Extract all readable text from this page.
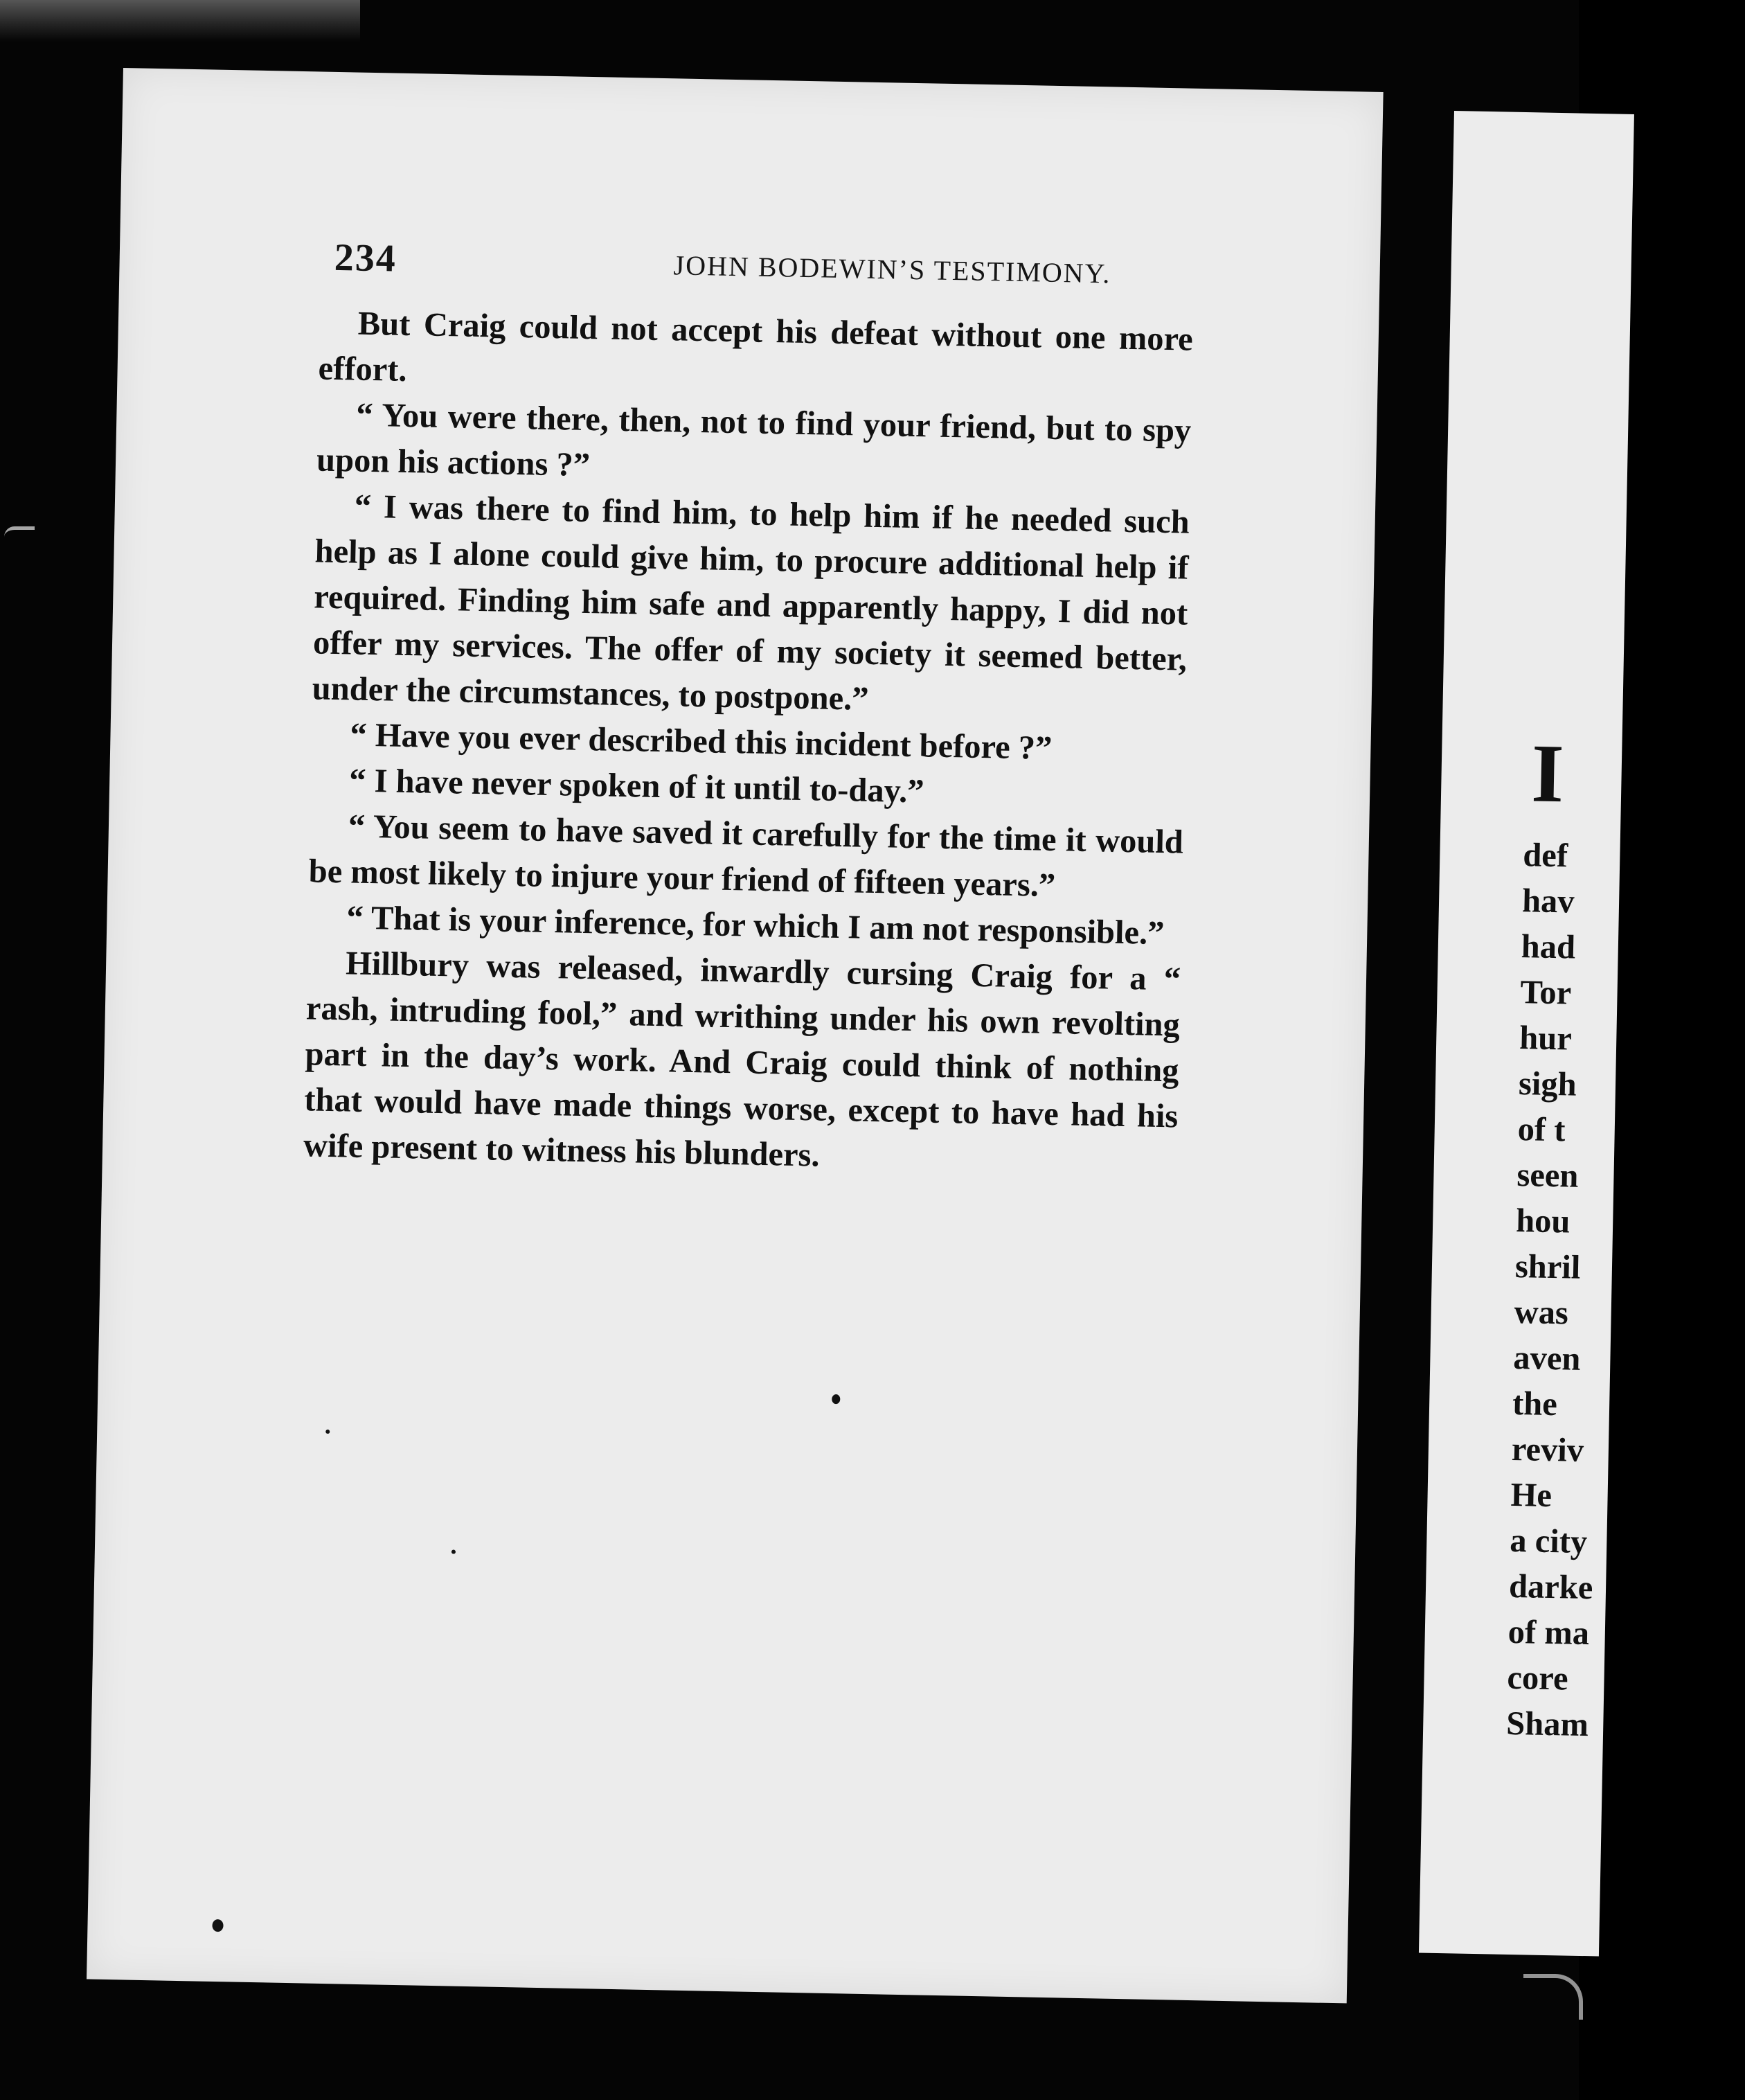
234	JOHN BODEWIN’S TESTIMONY.

But Craig could not accept his defeat without one more effort.

“ You were there, then, not to find your friend, but to spy upon his actions ?”

“ I was there to find him, to help him if he needed such help as I alone could give him, to procure additional help if required. Finding him safe and apparently happy, I did not offer my services. The offer of my society it seemed better, under the circumstances, to postpone.”

“ Have you ever described this incident before ?”

“ I have never spoken of it until to-day.”

“ You seem to have saved it carefully for the time it would be most likely to injure your friend of fifteen years.”

“ That is your inference, for which I am not responsible.”

Hillbury was released, inwardly cursing Craig for a “ rash, intruding fool,” and writhing under his own revolting part in the day’s work. And Craig could think of nothing that would have made things worse, except to have had his wife present to witness his blunders.

I
def
hav
had
Tor
hur
sigh
of t
seen
hou
shril
was
aven
the
reviv
He
a city
darke
of ma
core
Sham
